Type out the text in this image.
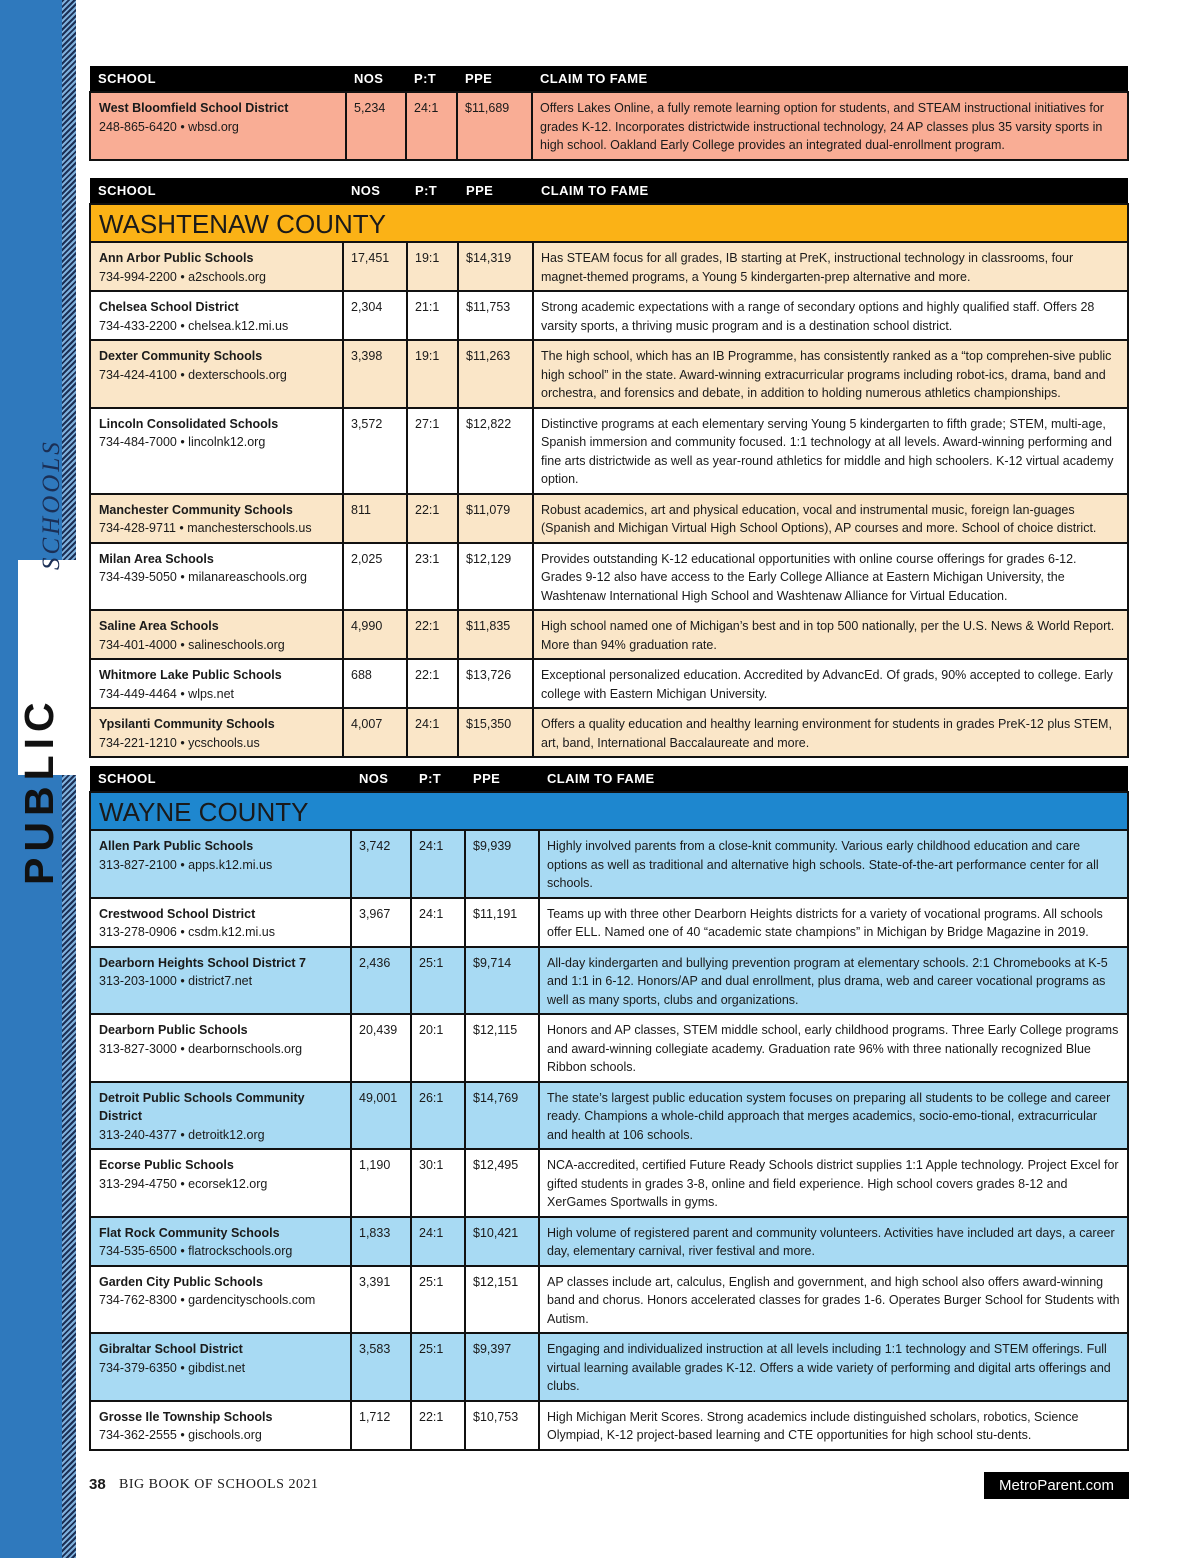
PUBLIC
SCHOOLS
SCHOOL	NOS	P:T	PPE	CLAIM TO FAME

West Bloomfield School District
248-865-6420 • wbsd.org	5,234	24:1	$11,689	Offers Lakes Online, a fully remote learning option for students, and STEAM instructional initiatives for grades K-12. Incorporates districtwide instructional technology, 24 AP classes plus 35 varsity sports in high school. Oakland Early College provides an integrated dual-enrollment program.
SCHOOL	NOS	P:T	PPE	CLAIM TO FAME
WASHTENAW COUNTY				

Ann Arbor Public Schools
734-994-2200 • a2schools.org	17,451	19:1	$14,319	Has STEAM focus for all grades, IB starting at PreK, instructional technology in classrooms, four magnet-themed programs, a Young 5 kindergarten-prep alternative and more.

Chelsea School District
734-433-2200 • chelsea.k12.mi.us	2,304	21:1	$11,753	Strong academic expectations with a range of secondary options and highly qualified staff. Offers 28 varsity sports, a thriving music program and is a destination school district.

Dexter Community Schools
734-424-4100 • dexterschools.org	3,398	19:1	$11,263	The high school, which has an IB Programme, has consistently ranked as a “top comprehen-sive public high school” in the state. Award-winning extracurricular programs including robot-ics, drama, band and orchestra, and forensics and debate, in addition to holding numerous athletics championships.

Lincoln Consolidated Schools
734-484-7000 • lincolnk12.org	3,572	27:1	$12,822	Distinctive programs at each elementary serving Young 5 kindergarten to fifth grade; STEM, multi-age, Spanish immersion and community focused. 1:1 technology at all levels. Award-winning performing and fine arts districtwide as well as year-round athletics for middle and high schoolers. K-12 virtual academy option.

Manchester Community Schools
734-428-9711 • manchesterschools.us	811	22:1	$11,079	Robust academics, art and physical education, vocal and instrumental music, foreign lan-guages (Spanish and Michigan Virtual High School Options), AP courses and more. School of choice district.

Milan Area Schools
734-439-5050 • milanareaschools.org	2,025	23:1	$12,129	Provides outstanding K-12 educational opportunities with online course offerings for grades 6-12. Grades 9-12 also have access to the Early College Alliance at Eastern Michigan University, the Washtenaw International High School and Washtenaw Alliance for Virtual Education.

Saline Area Schools
734-401-4000 • salineschools.org	4,990	22:1	$11,835	High school named one of Michigan’s best and in top 500 nationally, per the U.S. News & World Report. More than 94% graduation rate.

Whitmore Lake Public Schools
734-449-4464 • wlps.net	688	22:1	$13,726	Exceptional personalized education. Accredited by AdvancEd. Of grads, 90% accepted to college. Early college with Eastern Michigan University.

Ypsilanti Community Schools
734-221-1210 • ycschools.us	4,007	24:1	$15,350	Offers a quality education and healthy learning environment for students in grades PreK-12 plus STEM, art, band, International Baccalaureate and more.
SCHOOL	NOS	P:T	PPE	CLAIM TO FAME
WAYNE COUNTY				

Allen Park Public Schools
313-827-2100 • apps.k12.mi.us	3,742	24:1	$9,939	Highly involved parents from a close-knit community. Various early childhood education and care options as well as traditional and alternative high schools. State-of-the-art performance center for all schools.

Crestwood School District
313-278-0906 • csdm.k12.mi.us	3,967	24:1	$11,191	Teams up with three other Dearborn Heights districts for a variety of vocational programs. All schools offer ELL. Named one of 40 “academic state champions” in Michigan by Bridge Magazine in 2019.

Dearborn Heights School District 7
313-203-1000 • district7.net	2,436	25:1	$9,714	All-day kindergarten and bullying prevention program at elementary schools. 2:1 Chromebooks at K-5 and 1:1 in 6-12. Honors/AP and dual enrollment, plus drama, web and career vocational programs as well as many sports, clubs and organizations.

Dearborn Public Schools
313-827-3000 • dearbornschools.org	20,439	20:1	$12,115	Honors and AP classes, STEM middle school, early childhood programs. Three Early College programs and award-winning collegiate academy. Graduation rate 96% with three nationally recognized Blue Ribbon schools.

Detroit Public Schools Community District
313-240-4377 • detroitk12.org	49,001	26:1	$14,769	The state’s largest public education system focuses on preparing all students to be college and career ready. Champions a whole-child approach that merges academics, socio-emo-tional, extracurricular and health at 106 schools.

Ecorse Public Schools
313-294-4750 • ecorsek12.org	1,190	30:1	$12,495	NCA-accredited, certified Future Ready Schools district supplies 1:1 Apple technology. Project Excel for gifted students in grades 3-8, online and field experience. High school covers grades 8-12 and XerGames Sportwalls in gyms.

Flat Rock Community Schools
734-535-6500 • flatrockschools.org	1,833	24:1	$10,421	High volume of registered parent and community volunteers. Activities have included art days, a career day, elementary carnival, river festival and more.

Garden City Public Schools
734-762-8300 • gardencityschools.com	3,391	25:1	$12,151	AP classes include art, calculus, English and government, and high school also offers award-winning band and chorus. Honors accelerated classes for grades 1-6. Operates Burger School for Students with Autism.

Gibraltar School District
734-379-6350 • gibdist.net	3,583	25:1	$9,397	Engaging and individualized instruction at all levels including 1:1 technology and STEM offerings. Full virtual learning available grades K-12. Offers a wide variety of performing and digital arts offerings and clubs.

Grosse Ile Township Schools
734-362-2555 • gischools.org	1,712	22:1	$10,753	High Michigan Merit Scores. Strong academics include distinguished scholars, robotics, Science Olympiad, K-12 project-based learning and CTE opportunities for high school stu-dents.
38 BIG BOOK OF SCHOOLS 2021	MetroParent.com
